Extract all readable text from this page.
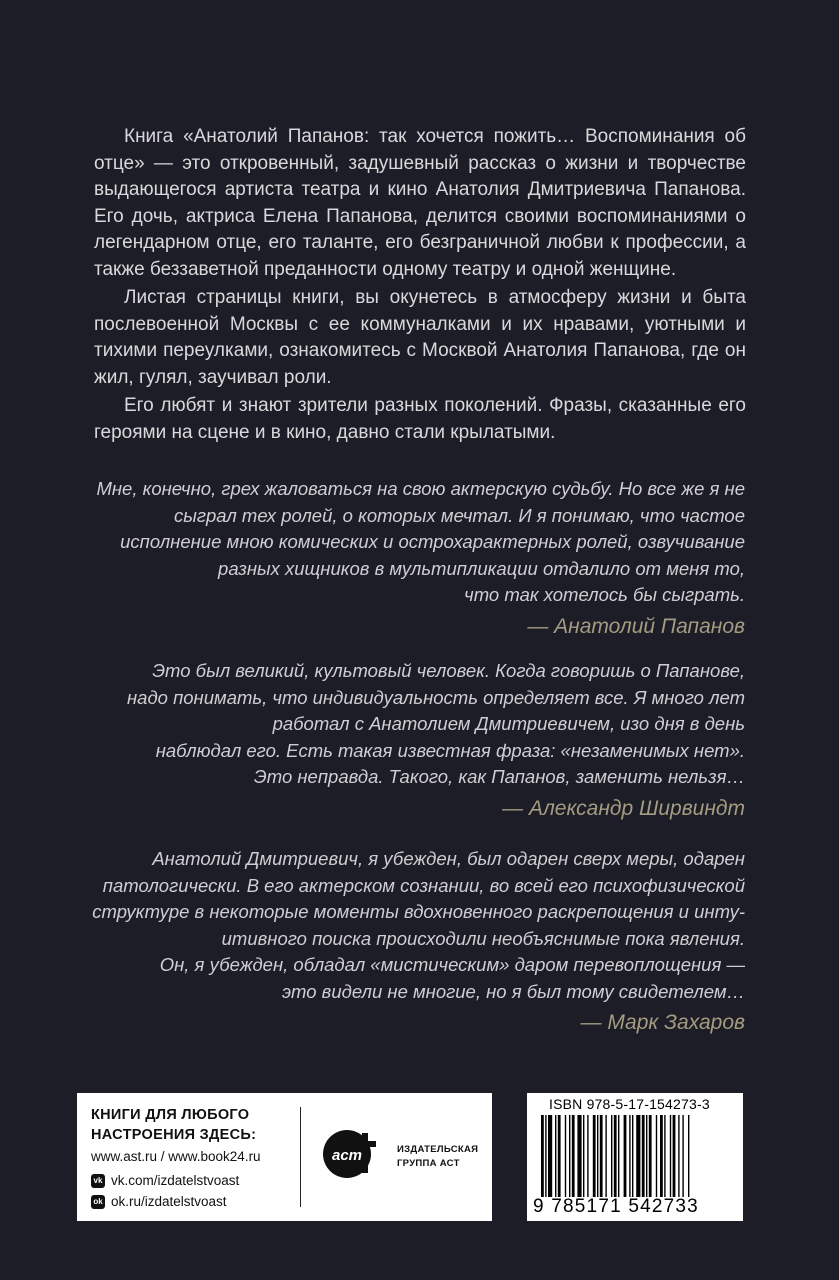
Книга «Анатолий Папанов: так хочется пожить… Воспоминания об отце» — это откровенный, задушевный рассказ о жизни и творчестве выдающегося артиста театра и кино Анатолия Дмитриевича Папанова. Его дочь, актриса Елена Папанова, делится своими воспоминаниями о легендарном отце, его таланте, его безграничной любви к профессии, а также беззаветной преданности одному театру и одной женщине.

Листая страницы книги, вы окунетесь в атмосферу жизни и быта послевоенной Москвы с ее коммуналками и их нравами, уютными и тихими переулками, ознакомитесь с Москвой Анатолия Папанова, где он жил, гулял, заучивал роли.

Его любят и знают зрители разных поколений. Фразы, сказанные его героями на сцене и в кино, давно стали крылатыми.

Мне, конечно, грех жаловаться на свою актерскую судьбу. Но все же я не
сыграл тех ролей, о которых мечтал. И я понимаю, что частое
исполнение мною комических и острохарактерных ролей, озвучивание
разных хищников в мультипликации отдалило от меня то,
что так хотелось бы сыграть.
— Анатолий Папанов
Это был великий, культовый человек. Когда говоришь о Папанове,
надо понимать, что индивидуальность определяет все. Я много лет
работал с Анатолием Дмитриевичем, изо дня в день
наблюдал его. Есть такая известная фраза: «незаменимых нет».
Это неправда. Такого, как Папанов, заменить нельзя…
— Александр Ширвиндт
Анатолий Дмитриевич, я убежден, был одарен сверх меры, одарен
патологически. В его актерском сознании, во всей его психофизической
структуре в некоторые моменты вдохновенного раскрепощения и инту-
итивного поиска происходили необъяснимые пока явления.
Он, я убежден, обладал «мистическим» даром перевоплощения —
это видели не многие, но я был тому свидетелем…
— Марк Захаров
КНИГИ ДЛЯ ЛЮБОГО
НАСТРОЕНИЯ ЗДЕСЬ:
www.ast.ru / www.book24.ru
vk vk.com/izdatelstvoast
ok ok.ru/izdatelstvoast
аст	ИЗДАТЕЛЬСКАЯ
ГРУППА АСТ
ISBN 978-5-17-154273-3
9 785171 542733
